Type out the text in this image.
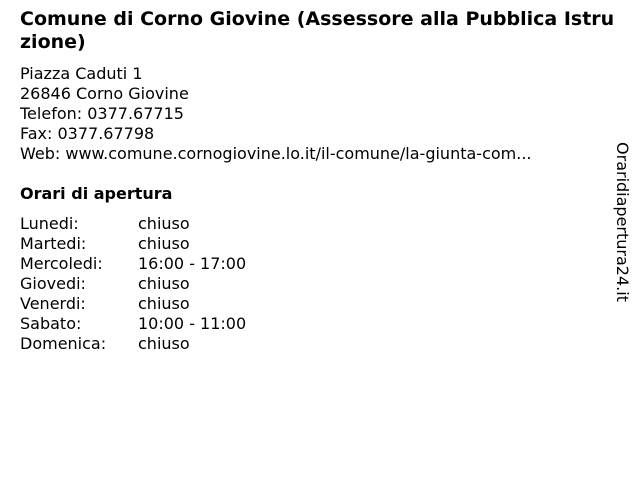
Comune di Corno Giovine (Assessore alla Pubblica Istruzione)
Piazza Caduti 1
26846 Corno Giovine
Telefon: 0377.67715
Fax: 0377.67798
Web: www.comune.cornogiovine.lo.it/il-comune/la-giunta-com...
Orari di apertura
Lunedi:	chiuso
Martedi:	chiuso
Mercoledi:	16:00 - 17:00
Giovedi:	chiuso
Venerdi:	chiuso
Sabato:	10:00 - 11:00
Domenica:	chiuso
Oraridiapertura24.it
